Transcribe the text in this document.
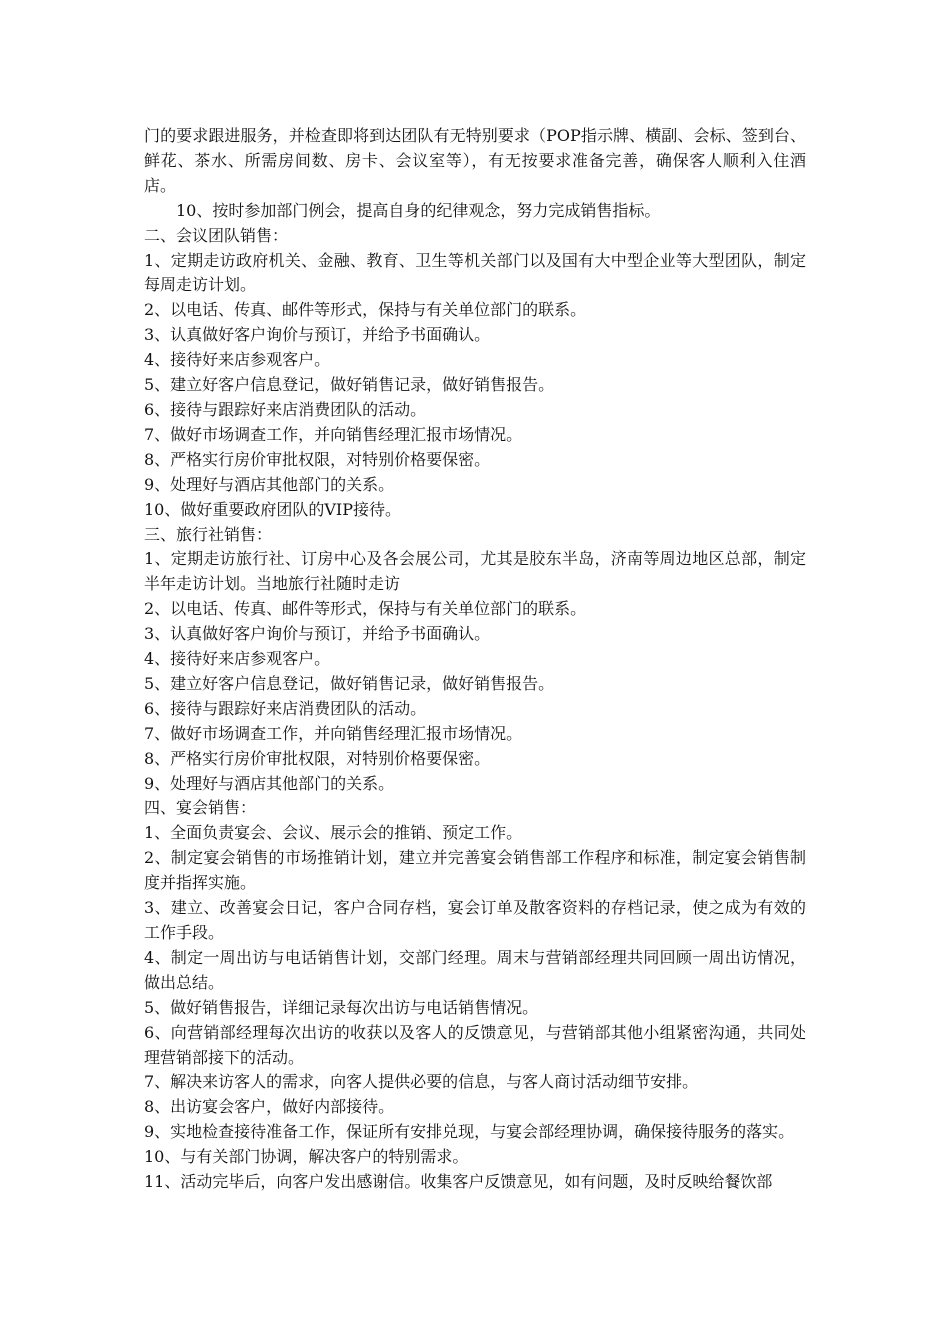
门的要求跟进服务，并检查即将到达团队有无特别要求（POP指示牌、横副、会标、签到台、鲜花、茶水、所需房间数、房卡、会议室等），有无按要求准备完善，确保客人顺利入住酒店。

10、按时参加部门例会，提高自身的纪律观念，努力完成销售指标。

二、会议团队销售：

1、定期走访政府机关、金融、教育、卫生等机关部门以及国有大中型企业等大型团队，制定每周走访计划。

2、以电话、传真、邮件等形式，保持与有关单位部门的联系。

3、认真做好客户询价与预订，并给予书面确认。

4、接待好来店参观客户。

5、建立好客户信息登记，做好销售记录，做好销售报告。

6、接待与跟踪好来店消费团队的活动。

7、做好市场调查工作，并向销售经理汇报市场情况。

8、严格实行房价审批权限，对特别价格要保密。

9、处理好与酒店其他部门的关系。

10、做好重要政府团队的VIP接待。

三、旅行社销售：

1、定期走访旅行社、订房中心及各会展公司，尤其是胶东半岛，济南等周边地区总部，制定半年走访计划。当地旅行社随时走访

2、以电话、传真、邮件等形式，保持与有关单位部门的联系。

3、认真做好客户询价与预订，并给予书面确认。

4、接待好来店参观客户。

5、建立好客户信息登记，做好销售记录，做好销售报告。

6、接待与跟踪好来店消费团队的活动。

7、做好市场调查工作，并向销售经理汇报市场情况。

8、严格实行房价审批权限，对特别价格要保密。

9、处理好与酒店其他部门的关系。

四、宴会销售：

1、全面负责宴会、会议、展示会的推销、预定工作。

2、制定宴会销售的市场推销计划，建立并完善宴会销售部工作程序和标准，制定宴会销售制度并指挥实施。

3、建立、改善宴会日记，客户合同存档，宴会订单及散客资料的存档记录，使之成为有效的工作手段。

4、制定一周出访与电话销售计划，交部门经理。周末与营销部经理共同回顾一周出访情况，做出总结。

5、做好销售报告，详细记录每次出访与电话销售情况。

6、向营销部经理每次出访的收获以及客人的反馈意见，与营销部其他小组紧密沟通，共同处理营销部接下的活动。

7、解决来访客人的需求，向客人提供必要的信息，与客人商讨活动细节安排。

8、出访宴会客户，做好内部接待。

9、实地检查接待准备工作，保证所有安排兑现，与宴会部经理协调，确保接待服务的落实。

10、与有关部门协调，解决客户的特别需求。

11、活动完毕后，向客户发出感谢信。收集客户反馈意见，如有问题，及时反映给餐饮部
